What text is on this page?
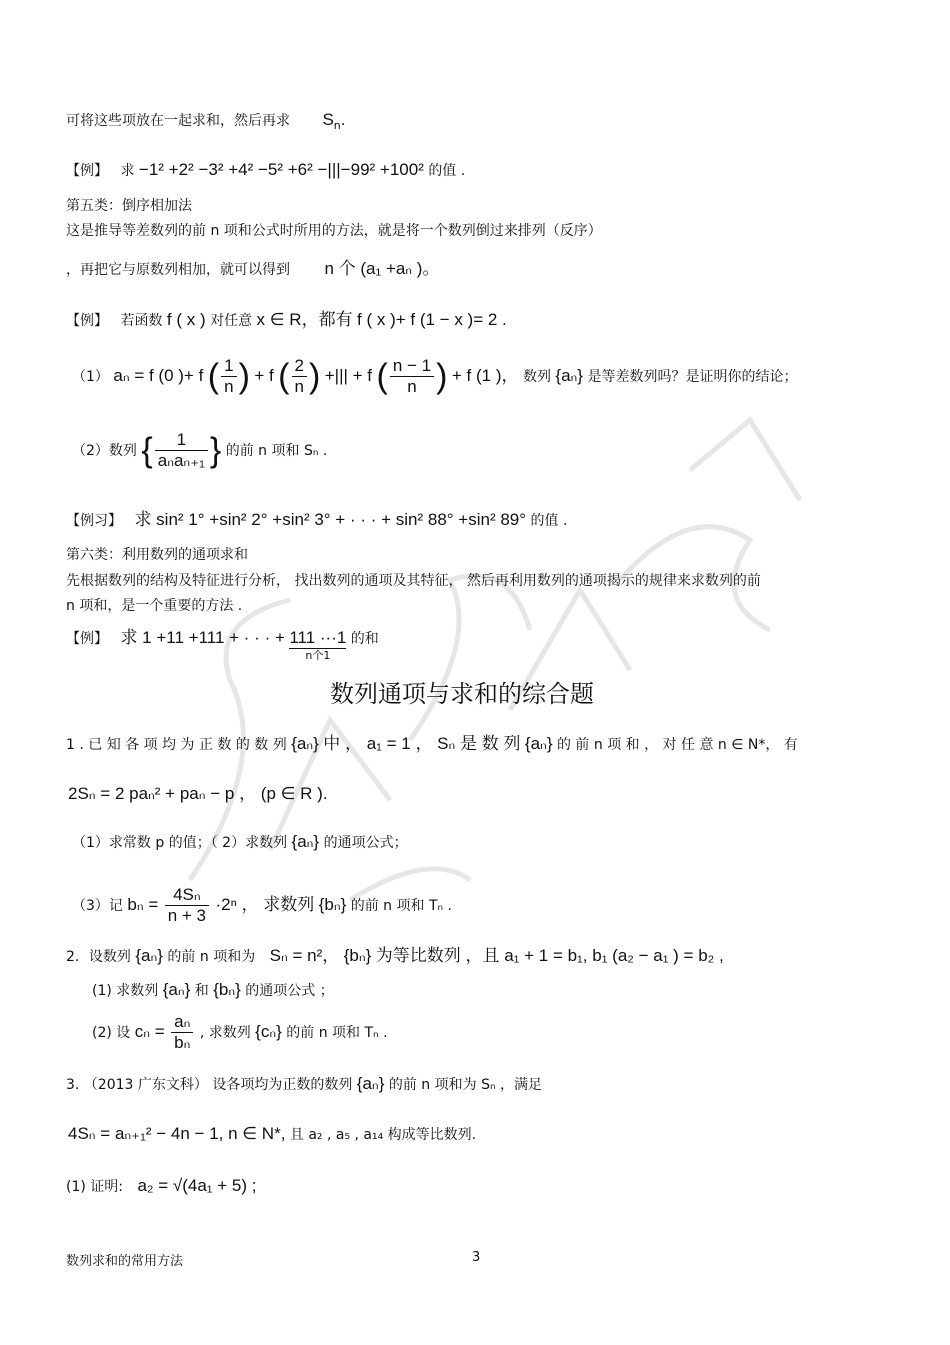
可将这些项放在一起求和，然后再求 $S_n$.
【例】 求 −1² +2² −3² +4² −5² +6² −|||−99² +100² 的值 .
第五类：倒序相加法
这是推导等差数列的前 n 项和公式时所用的方法，就是将一个数列倒过来排列（反序）
，再把它与原数列相加，就可以得到 n 个 (a₁ +aₙ )。
【例】 若函数 f ( x ) 对任意 x ∈ R，都有 f ( x )+ f (1 − x )= 2 .
（1） aₙ = f (0 )+ f ( $\frac{1}{n}$ ) + f ( $\frac{2}{n}$ ) +||| + f ( $\frac{n - 1}{n}$ ) + f (1 )， 数列 {aₙ} 是等差数列吗？是证明你的结论；
（2）数列 { $\frac{1}{\text{aₙaₙ₊₁}}$ } 的前 n 项和 Sₙ .
【例习】 求 sin² 1° +sin² 2° +sin² 3° + · · · + sin² 88° +sin² 89° 的值 .
第六类：利用数列的通项求和
先根据数列的结构及特征进行分析， 找出数列的通项及其特征， 然后再利用数列的通项揭示的规律来求数列的前
n 项和，是一个重要的方法 .
【例】 求 1 +11 +111 + · · · + 111 ···1
n个1
的和
数列通项与求和的综合题
1 . 已 知 各 项 均 为 正 数 的 数 列 {aₙ} 中 ， a₁ = 1 ， Sₙ 是 数 列 {aₙ} 的 前 n 项 和 ， 对 任 意 n ∈ N*， 有
2Sₙ = 2 paₙ² + paₙ − p ， (p ∈ R ).
（1）求常数 p 的值；（ 2）求数列 {aₙ} 的通项公式；
（3）记 $b_n = \frac{\text{4Sₙ}}{n + 3} \cdot 2^n$ ， 求数列 {bₙ} 的前 n 项和 Tₙ .
2．设数列 {aₙ} 的前 n 项和为 Sₙ = n²， {bₙ} 为等比数列 ，且 a₁ + 1 = b₁, b₁ (a₂ − a₁ ) = b₂ ,
(1) 求数列 {aₙ} 和 {bₙ} 的通项公式 ；
(2) 设 $c_n = \frac{\text{aₙ}}{\text{bₙ}}$ , 求数列 {cₙ} 的前 n 项和 Tₙ .
3. （2013 广东文科） 设各项均为正数的数列 {aₙ} 的前 n 项和为 Sₙ ，满足
4Sₙ = aₙ₊₁² − 4n − 1, n ∈ N*, 且 a₂ , a₅ , a₁₄ 构成等比数列.
(1) 证明: a₂ = √(4a₁ + 5) ;
数列求和的常用方法	3
